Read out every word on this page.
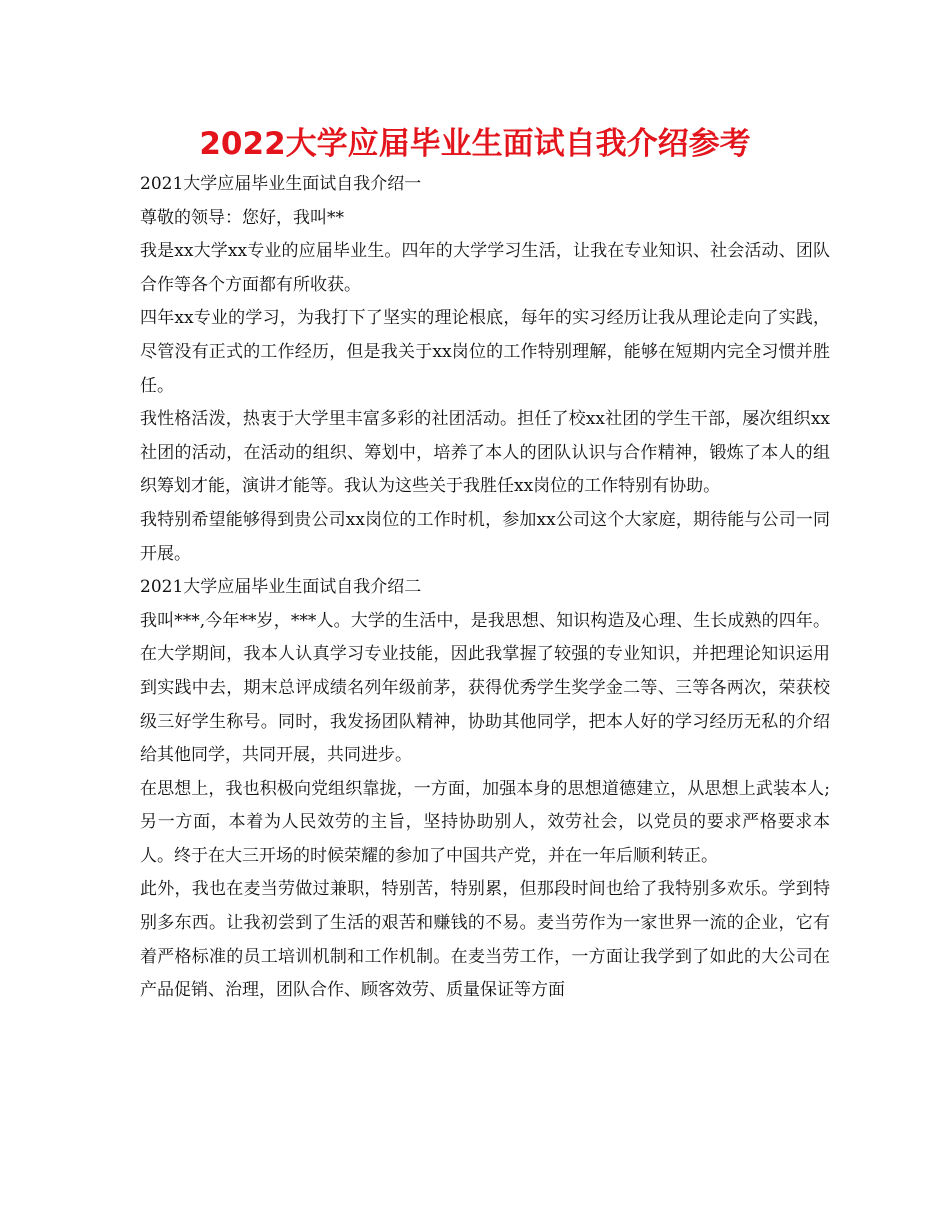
2022大学应届毕业生面试自我介绍参考

2021大学应届毕业生面试自我介绍一

尊敬的领导：您好，我叫**

我是xx大学xx专业的应届毕业生。四年的大学学习生活，让我在专业知识、社会活动、团队合作等各个方面都有所收获。

四年xx专业的学习，为我打下了坚实的理论根底，每年的实习经历让我从理论走向了实践，尽管没有正式的工作经历，但是我关于xx岗位的工作特别理解，能够在短期内完全习惯并胜任。

我性格活泼，热衷于大学里丰富多彩的社团活动。担任了校xx社团的学生干部，屡次组织xx社团的活动，在活动的组织、筹划中，培养了本人的团队认识与合作精神，锻炼了本人的组织筹划才能，演讲才能等。我认为这些关于我胜任xx岗位的工作特别有协助。

我特别希望能够得到贵公司xx岗位的工作时机，参加xx公司这个大家庭，期待能与公司一同开展。

2021大学应届毕业生面试自我介绍二

我叫***,今年**岁，***人。大学的生活中，是我思想、知识构造及心理、生长成熟的四年。在大学期间，我本人认真学习专业技能，因此我掌握了较强的专业知识，并把理论知识运用到实践中去，期末总评成绩名列年级前茅，获得优秀学生奖学金二等、三等各两次，荣获校级三好学生称号。同时，我发扬团队精神，协助其他同学，把本人好的学习经历无私的介绍给其他同学，共同开展，共同进步。

在思想上，我也积极向党组织靠拢，一方面，加强本身的思想道德建立，从思想上武装本人;另一方面，本着为人民效劳的主旨，坚持协助别人，效劳社会，以党员的要求严格要求本人。终于在大三开场的时候荣耀的参加了中国共产党，并在一年后顺利转正。

此外，我也在麦当劳做过兼职，特别苦，特别累，但那段时间也给了我特别多欢乐。学到特别多东西。让我初尝到了生活的艰苦和赚钱的不易。麦当劳作为一家世界一流的企业，它有着严格标准的员工培训机制和工作机制。在麦当劳工作，一方面让我学到了如此的大公司在产品促销、治理，团队合作、顾客效劳、质量保证等方面
